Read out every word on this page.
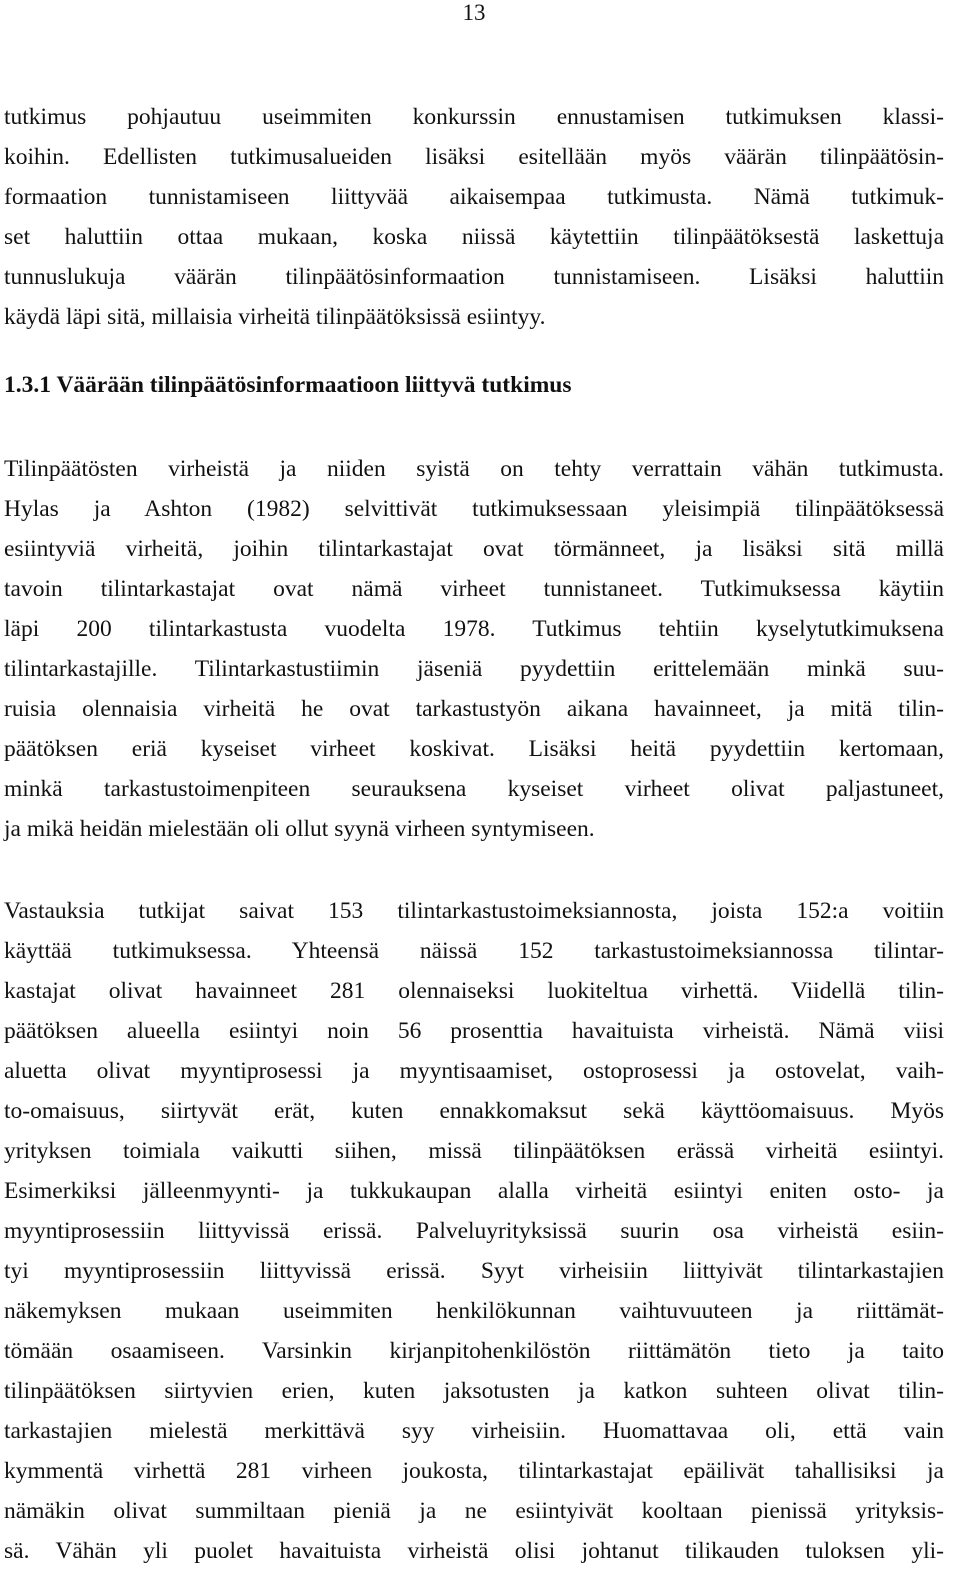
13
tutkimus pohjautuu useimmiten konkurssin ennustamisen tutkimuksen klassi-
koihin. Edellisten tutkimusalueiden lisäksi esitellään myös väärän tilinpäätösin-
formaation tunnistamiseen liittyvää aikaisempaa tutkimusta. Nämä tutkimuk-
set haluttiin ottaa mukaan, koska niissä käytettiin tilinpäätöksestä laskettuja
tunnuslukuja väärän tilinpäätösinformaation tunnistamiseen. Lisäksi haluttiin
käydä läpi sitä, millaisia virheitä tilinpäätöksissä esiintyy.
1.3.1 Väärään tilinpäätösinformaatioon liittyvä tutkimus
Tilinpäätösten virheistä ja niiden syistä on tehty verrattain vähän tutkimusta.
Hylas ja Ashton (1982) selvittivät tutkimuksessaan yleisimpiä tilinpäätöksessä
esiintyviä virheitä, joihin tilintarkastajat ovat törmänneet, ja lisäksi sitä millä
tavoin tilintarkastajat ovat nämä virheet tunnistaneet. Tutkimuksessa käytiin
läpi 200 tilintarkastusta vuodelta 1978. Tutkimus tehtiin kyselytutkimuksena
tilintarkastajille. Tilintarkastustiimin jäseniä pyydettiin erittelemään minkä suu-
ruisia olennaisia virheitä he ovat tarkastustyön aikana havainneet, ja mitä tilin-
päätöksen eriä kyseiset virheet koskivat. Lisäksi heitä pyydettiin kertomaan,
minkä tarkastustoimenpiteen seurauksena kyseiset virheet olivat paljastuneet,
ja mikä heidän mielestään oli ollut syynä virheen syntymiseen.
Vastauksia tutkijat saivat 153 tilintarkastustoimeksiannosta, joista 152:a voitiin
käyttää tutkimuksessa. Yhteensä näissä 152 tarkastustoimeksiannossa tilintar-
kastajat olivat havainneet 281 olennaiseksi luokiteltua virhettä. Viidellä tilin-
päätöksen alueella esiintyi noin 56 prosenttia havaituista virheistä. Nämä viisi
aluetta olivat myyntiprosessi ja myyntisaamiset, ostoprosessi ja ostovelat, vaih-
to-omaisuus, siirtyvät erät, kuten ennakkomaksut sekä käyttöomaisuus. Myös
yrityksen toimiala vaikutti siihen, missä tilinpäätöksen erässä virheitä esiintyi.
Esimerkiksi jälleenmyynti- ja tukkukaupan alalla virheitä esiintyi eniten osto- ja
myyntiprosessiin liittyvissä erissä. Palveluyrityksissä suurin osa virheistä esiin-
tyi myyntiprosessiin liittyvissä erissä. Syyt virheisiin liittyivät tilintarkastajien
näkemyksen mukaan useimmiten henkilökunnan vaihtuvuuteen ja riittämät-
tömään osaamiseen. Varsinkin kirjanpitohenkilöstön riittämätön tieto ja taito
tilinpäätöksen siirtyvien erien, kuten jaksotusten ja katkon suhteen olivat tilin-
tarkastajien mielestä merkittävä syy virheisiin. Huomattavaa oli, että vain
kymmentä virhettä 281 virheen joukosta, tilintarkastajat epäilivät tahallisiksi ja
nämäkin olivat summiltaan pieniä ja ne esiintyivät kooltaan pienissä yrityksis-
sä. Vähän yli puolet havaituista virheistä olisi johtanut tilikauden tuloksen yli-
